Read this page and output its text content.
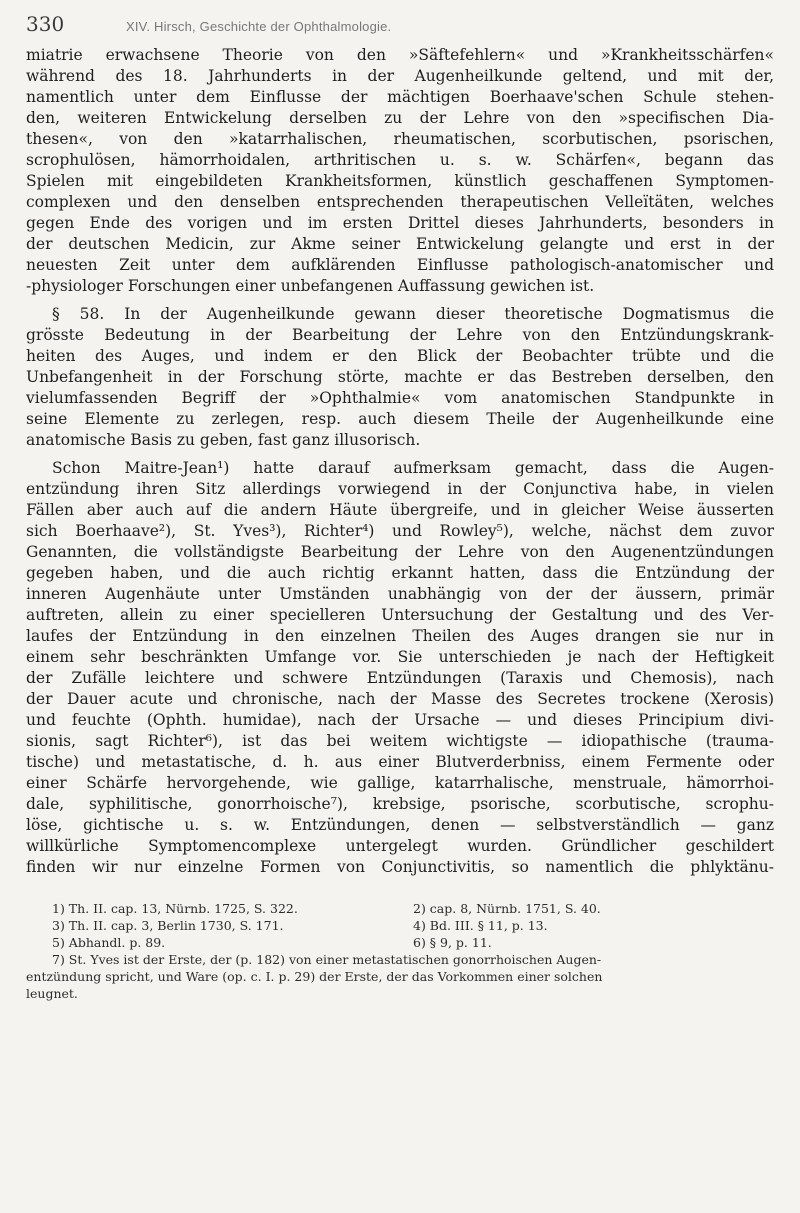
330	XIV. Hirsch, Geschichte der Ophthalmologie.
miatrie erwachsene Theorie von den »Säftefehlern« und »Krankheitsschärfen«
während des 18. Jahrhunderts in der Augenheilkunde geltend, und mit der,
namentlich unter dem Einflusse der mächtigen Boerhaave'schen Schule stehen-
den, weiteren Entwickelung derselben zu der Lehre von den »specifischen Dia-
thesen«, von den »katarrhalischen, rheumatischen, scorbutischen, psorischen,
scrophulösen, hämorrhoidalen, arthritischen u. s. w. Schärfen«, begann das
Spielen mit eingebildeten Krankheitsformen, künstlich geschaffenen Symptomen-
complexen und den denselben entsprechenden therapeutischen Velleïtäten, welches
gegen Ende des vorigen und im ersten Drittel dieses Jahrhunderts, besonders in
der deutschen Medicin, zur Akme seiner Entwickelung gelangte und erst in der
neuesten Zeit unter dem aufklärenden Einflusse pathologisch-anatomischer und
-physiologer Forschungen einer unbefangenen Auffassung gewichen ist.
§ 58. In der Augenheilkunde gewann dieser theoretische Dogmatismus die
grösste Bedeutung in der Bearbeitung der Lehre von den Entzündungskrank-
heiten des Auges, und indem er den Blick der Beobachter trübte und die
Unbefangenheit in der Forschung störte, machte er das Bestreben derselben, den
vielumfassenden Begriff der »Ophthalmie« vom anatomischen Standpunkte in
seine Elemente zu zerlegen, resp. auch diesem Theile der Augenheilkunde eine
anatomische Basis zu geben, fast ganz illusorisch.
Schon Maitre-Jean¹) hatte darauf aufmerksam gemacht, dass die Augen-
entzündung ihren Sitz allerdings vorwiegend in der Conjunctiva habe, in vielen
Fällen aber auch auf die andern Häute übergreife, und in gleicher Weise äusserten
sich Boerhaave²), St. Yves³), Richter⁴) und Rowley⁵), welche, nächst dem zuvor
Genannten, die vollständigste Bearbeitung der Lehre von den Augenentzündungen
gegeben haben, und die auch richtig erkannt hatten, dass die Entzündung der
inneren Augenhäute unter Umständen unabhängig von der der äussern, primär
auftreten, allein zu einer specielleren Untersuchung der Gestaltung und des Ver-
laufes der Entzündung in den einzelnen Theilen des Auges drangen sie nur in
einem sehr beschränkten Umfange vor. Sie unterschieden je nach der Heftigkeit
der Zufälle leichtere und schwere Entzündungen (Taraxis und Chemosis), nach
der Dauer acute und chronische, nach der Masse des Secretes trockene (Xerosis)
und feuchte (Ophth. humidae), nach der Ursache — und dieses Principium divi-
sionis, sagt Richter⁶), ist das bei weitem wichtigste — idiopathische (trauma-
tische) und metastatische, d. h. aus einer Blutverderbniss, einem Fermente oder
einer Schärfe hervorgehende, wie gallige, katarrhalische, menstruale, hämorrhoi-
dale, syphilitische, gonorrhoische⁷), krebsige, psorische, scorbutische, scrophu-
löse, gichtische u. s. w. Entzündungen, denen — selbstverständlich — ganz
willkürliche Symptomencomplexe untergelegt wurden. Gründlicher geschildert
finden wir nur einzelne Formen von Conjunctivitis, so namentlich die phlyktänu-
1) Th. II. cap. 13, Nürnb. 1725, S. 322.	2) cap. 8, Nürnb. 1751, S. 40.
3) Th. II. cap. 3, Berlin 1730, S. 171.	4) Bd. III. § 11, p. 13.
5) Abhandl. p. 89.	6) § 9, p. 11.
7) St. Yves ist der Erste, der (p. 182) von einer metastatischen gonorrhoischen Augen-
entzündung spricht, und Ware (op. c. I. p. 29) der Erste, der das Vorkommen einer solchen
leugnet.
